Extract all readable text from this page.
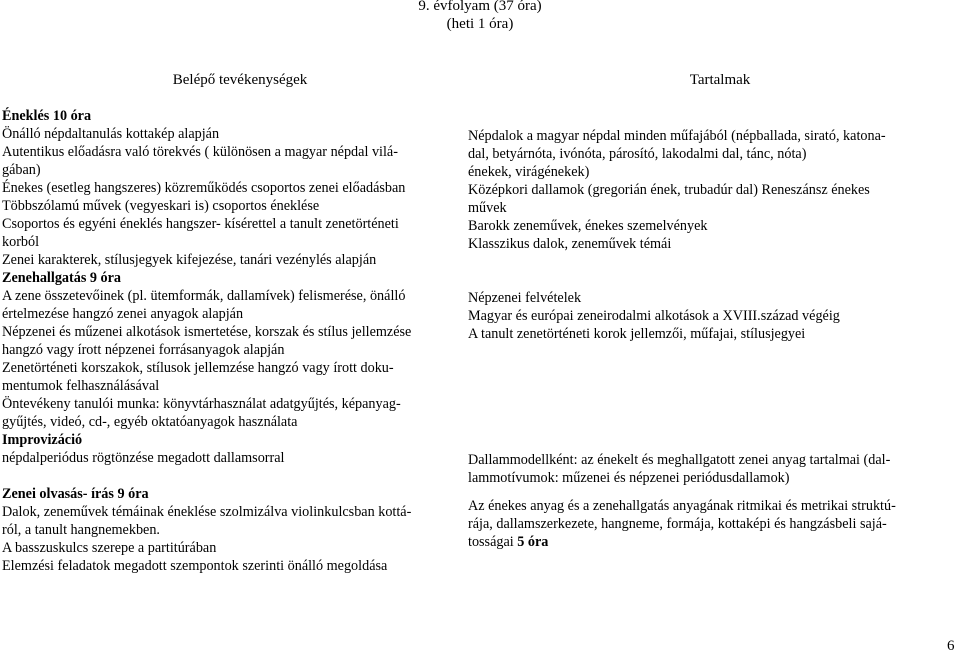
9. évfolyam (37 óra)
(heti 1 óra)
Belépő tevékenységek	Tartalmak
Éneklés 10 óra
Önálló népdaltanulás kottakép alapján
Autentikus előadásra való törekvés ( különösen a magyar népdal vilá-
gában)
Énekes (esetleg hangszeres) közreműködés csoportos zenei előadásban
Többszólamú művek (vegyeskari is) csoportos éneklése
Csoportos és egyéni éneklés hangszer- kísérettel a tanult zenetörténeti
korból
Zenei karakterek, stílusjegyek kifejezése, tanári vezénylés alapján
Zenehallgatás 9 óra
A zene összetevőinek (pl. ütemformák, dallamívek) felismerése, önálló
értelmezése hangzó zenei anyagok alapján
Népzenei és műzenei alkotások ismertetése, korszak és stílus jellemzése
hangzó vagy írott népzenei forrásanyagok alapján
Zenetörténeti korszakok, stílusok jellemzése hangzó vagy írott doku-
mentumok felhasználásával
Öntevékeny tanulói munka: könyvtárhasználat adatgyűjtés, képanyag-
gyűjtés, videó, cd-, egyéb oktatóanyagok használata
Improvizáció
népdalperiódus rögtönzése megadott dallamsorral
Zenei olvasás- írás 9 óra
Dalok, zeneművek témáinak éneklése szolmizálva violinkulcsban kottá-
ról, a tanult hangnemekben.
A basszuskulcs szerepe a partitúrában
Elemzési feladatok megadott szempontok szerinti önálló megoldása
Népdalok a magyar népdal minden műfajából (népballada, sirató, katona-
dal, betyárnóta, ivónóta, párosító, lakodalmi dal, tánc, nóta)
énekek, virágénekek)
Középkori dallamok (gregorián ének, trubadúr dal) Reneszánsz énekes
művek
Barokk zeneművek, énekes szemelvények
Klasszikus dalok, zeneművek témái
Népzenei felvételek
Magyar és európai zeneirodalmi alkotások a XVIII.század végéig
A tanult zenetörténeti korok jellemzői, műfajai, stílusjegyei
Dallammodellként: az énekelt és meghallgatott zenei anyag tartalmai (dal-
lammotívumok: műzenei és népzenei periódusdallamok)
Az énekes anyag és a zenehallgatás anyagának ritmikai és metrikai struktú-
rája, dallamszerkezete, hangneme, formája, kottaképi és hangzásbeli sajá-
tosságai 5 óra
6
